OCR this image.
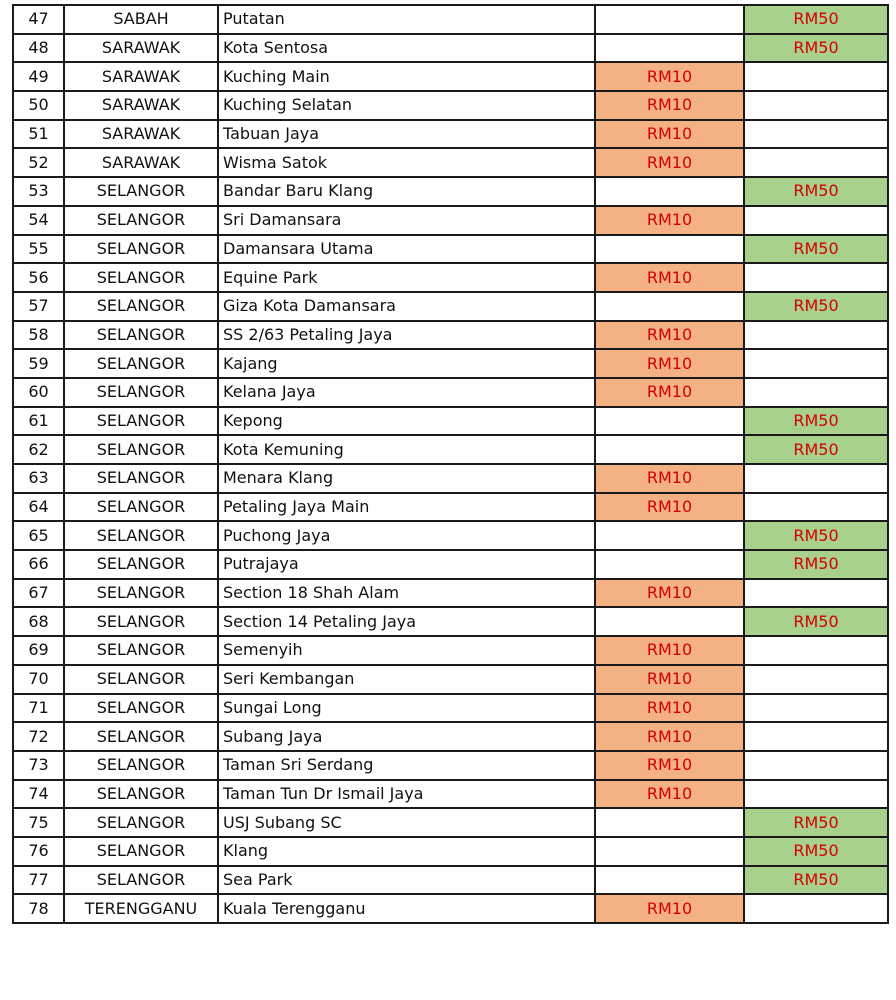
47	SABAH	Putatan		RM50
48	SARAWAK	Kota Sentosa		RM50
49	SARAWAK	Kuching Main	RM10	
50	SARAWAK	Kuching Selatan	RM10	
51	SARAWAK	Tabuan Jaya	RM10	
52	SARAWAK	Wisma Satok	RM10	
53	SELANGOR	Bandar Baru Klang		RM50
54	SELANGOR	Sri Damansara	RM10	
55	SELANGOR	Damansara Utama		RM50
56	SELANGOR	Equine Park	RM10	
57	SELANGOR	Giza Kota Damansara		RM50
58	SELANGOR	SS 2/63 Petaling Jaya	RM10	
59	SELANGOR	Kajang	RM10	
60	SELANGOR	Kelana Jaya	RM10	
61	SELANGOR	Kepong		RM50
62	SELANGOR	Kota Kemuning		RM50
63	SELANGOR	Menara Klang	RM10	
64	SELANGOR	Petaling Jaya Main	RM10	
65	SELANGOR	Puchong Jaya		RM50
66	SELANGOR	Putrajaya		RM50
67	SELANGOR	Section 18 Shah Alam	RM10	
68	SELANGOR	Section 14 Petaling Jaya		RM50
69	SELANGOR	Semenyih	RM10	
70	SELANGOR	Seri Kembangan	RM10	
71	SELANGOR	Sungai Long	RM10	
72	SELANGOR	Subang Jaya	RM10	
73	SELANGOR	Taman Sri Serdang	RM10	
74	SELANGOR	Taman Tun Dr Ismail Jaya	RM10	
75	SELANGOR	USJ Subang SC		RM50
76	SELANGOR	Klang		RM50
77	SELANGOR	Sea Park		RM50
78	TERENGGANU	Kuala Terengganu	RM10	
